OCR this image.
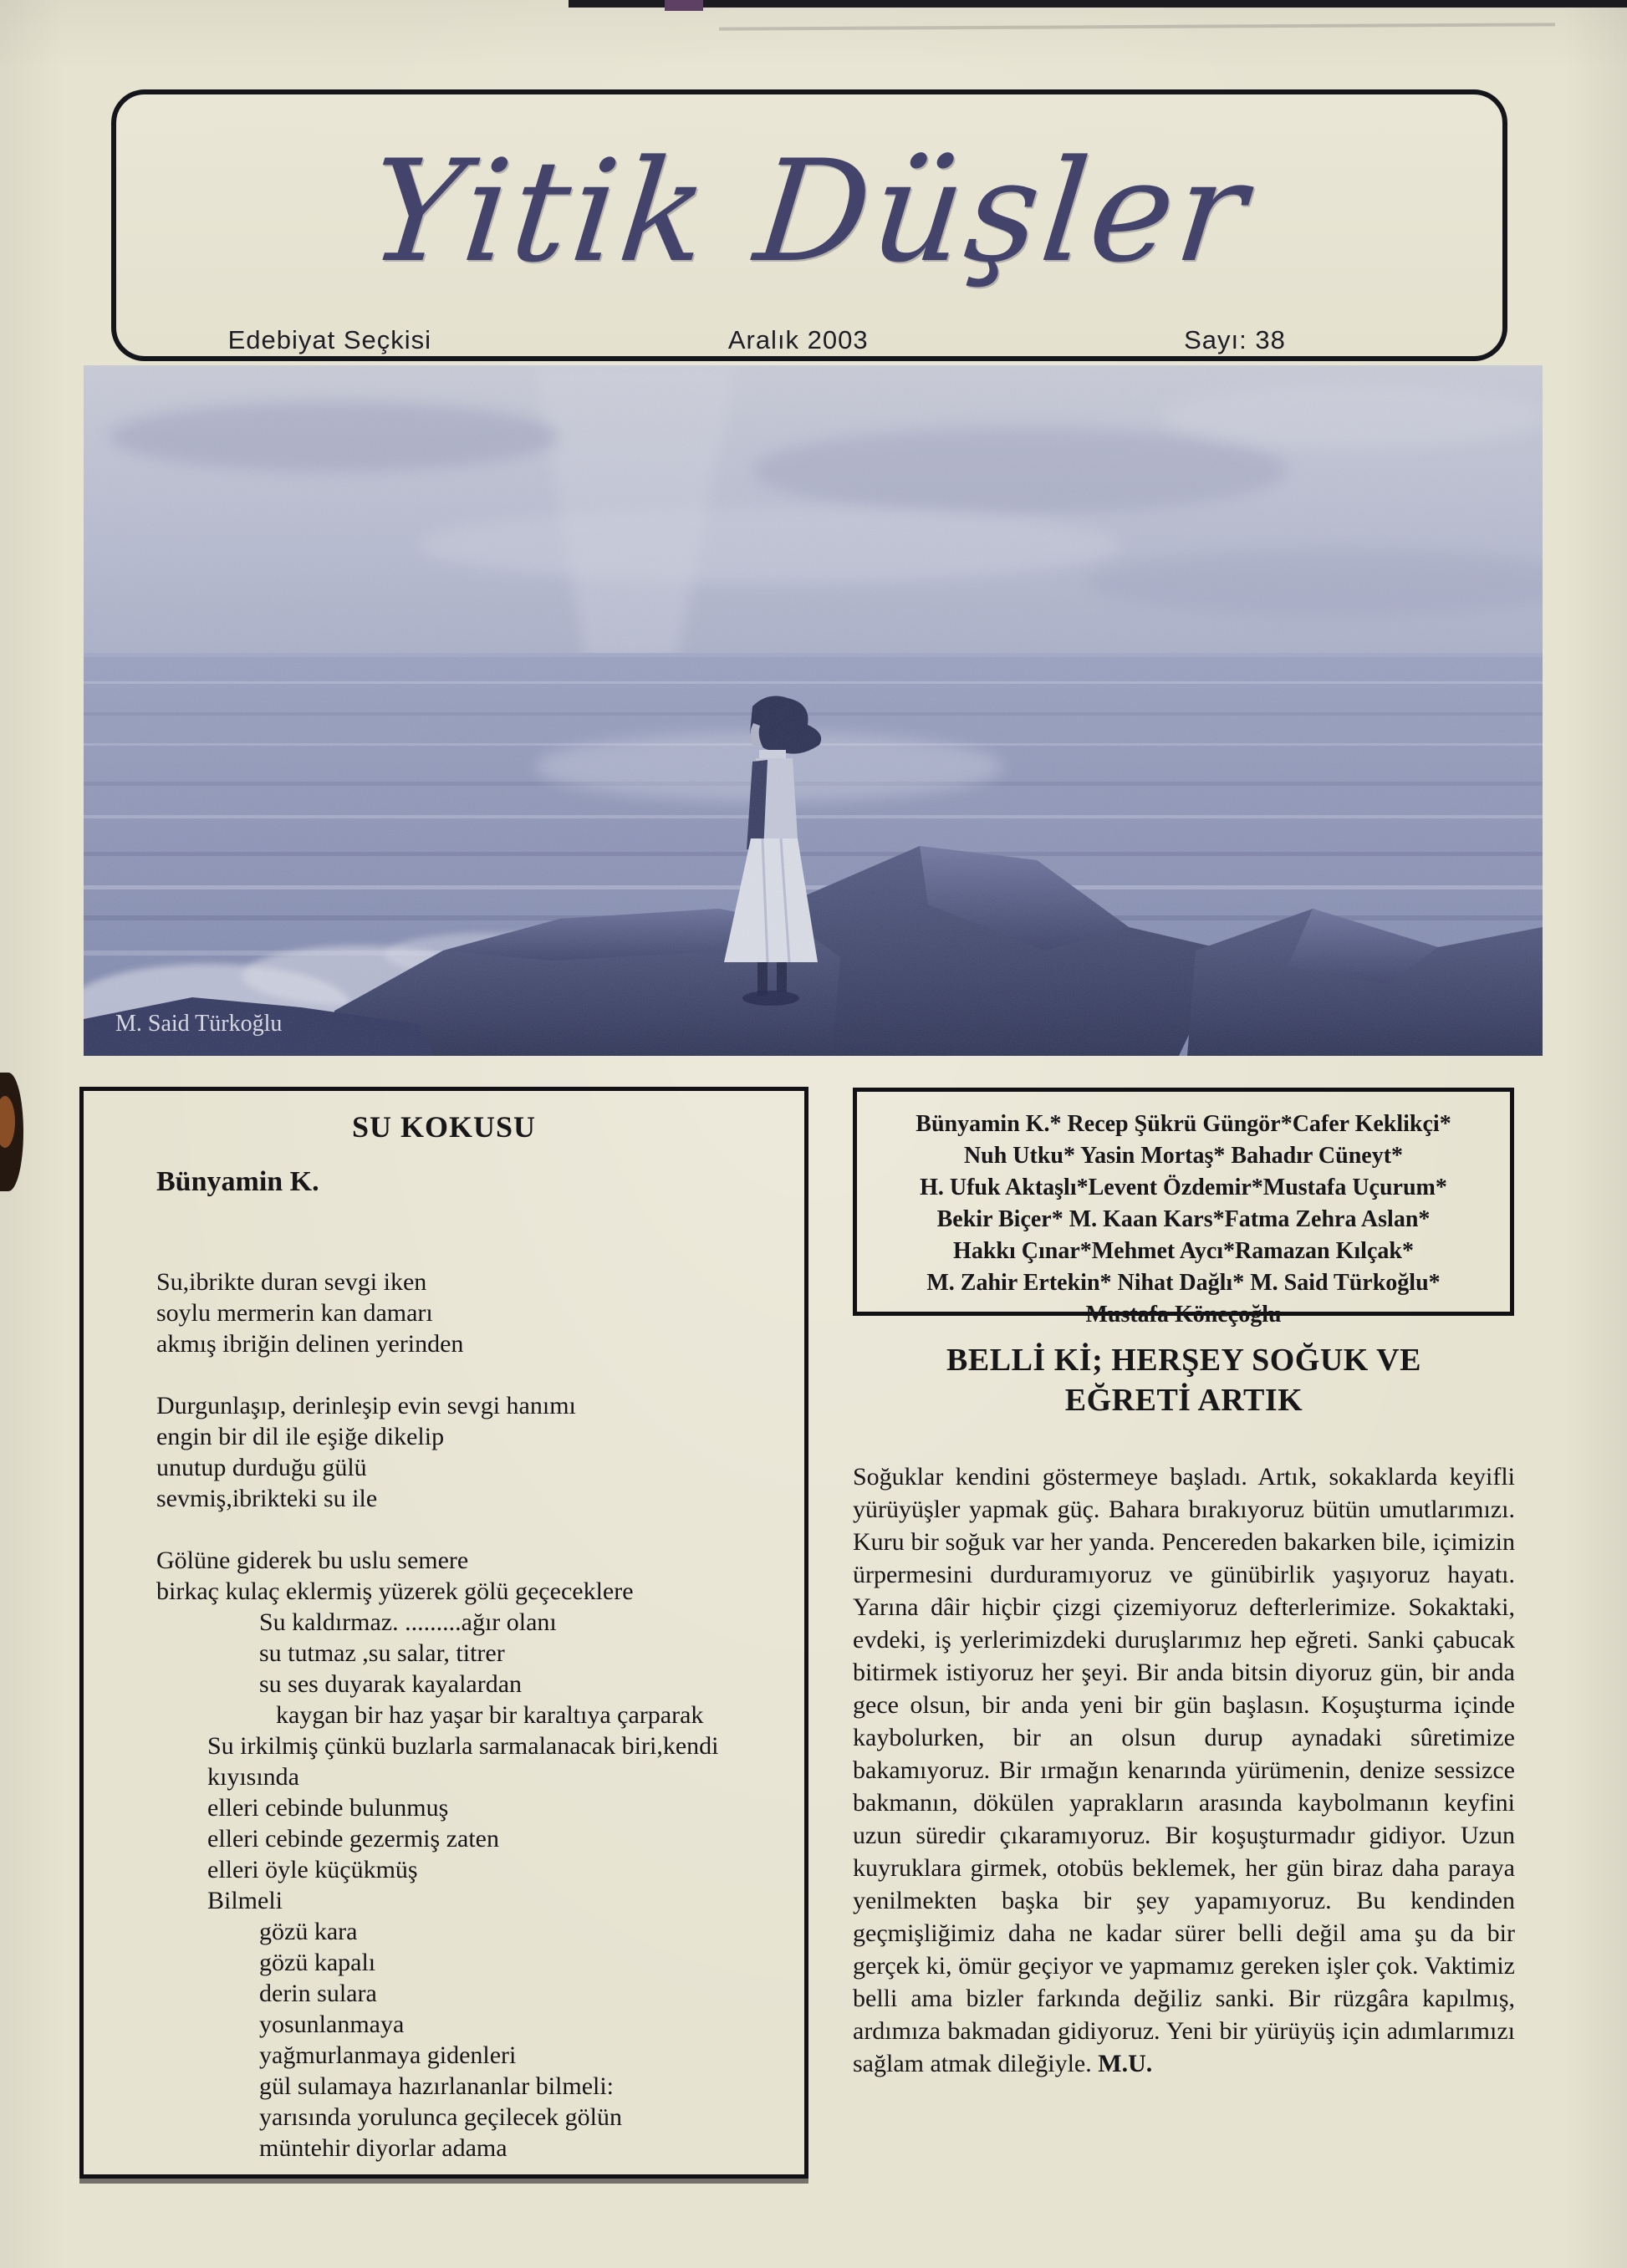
Yitik Düşler
Edebiyat Seçkisi	Aralık 2003	Sayı: 38
SU KOKUSU
Bünyamin K.
Su,ibrikte duran sevgi iken
soylu mermerin kan damarı
akmış ibriğin delinen yerinden
Durgunlaşıp, derinleşip evin sevgi hanımı
engin bir dil ile eşiğe dikelip
unutup durduğu gülü
sevmiş,ibrikteki su ile
Gölüne giderek bu uslu semere
birkaç kulaç eklermiş yüzerek gölü geçeceklere
Su kaldırmaz. .........ağır olanı
su tutmaz ,su salar, titrer
su ses duyarak kayalardan
kaygan bir haz yaşar bir karaltıya çarparak
Su irkilmiş çünkü buzlarla sarmalanacak biri,kendi
kıyısında
elleri cebinde bulunmuş
elleri cebinde gezermiş zaten
elleri öyle küçükmüş
Bilmeli
gözü kara
gözü kapalı
derin sulara
yosunlanmaya
yağmurlanmaya gidenleri
gül sulamaya hazırlananlar bilmeli:
yarısında yorulunca geçilecek gölün
müntehir diyorlar adama
Bünyamin K.* Recep Şükrü Güngör*Cafer Keklikçi*
Nuh Utku* Yasin Mortaş* Bahadır Cüneyt*
H. Ufuk Aktaşlı*Levent Özdemir*Mustafa Uçurum*
Bekir Biçer* M. Kaan Kars*Fatma Zehra Aslan*
Hakkı Çınar*Mehmet Aycı*Ramazan Kılçak*
M. Zahir Ertekin* Nihat Dağlı* M. Said Türkoğlu*
Mustafa Köneçoğlu
BELLİ Kİ; HERŞEY SOĞUK VE
EĞRETİ ARTIK

Soğuklar kendini göstermeye başladı. Artık, sokaklarda keyifli yürüyüşler yapmak güç. Bahara bırakıyoruz bütün umutlarımızı. Kuru bir soğuk var her yanda. Pencereden bakarken bile, içimizin ürpermesini durduramıyoruz ve günübirlik yaşıyoruz hayatı. Yarına dâir hiçbir çizgi çizemiyoruz defterlerimize. Sokaktaki, evdeki, iş yerlerimizdeki duruşlarımız hep eğreti. Sanki çabucak bitirmek istiyoruz her şeyi. Bir anda bitsin diyoruz gün, bir anda gece olsun, bir anda yeni bir gün başlasın. Koşuşturma içinde kaybolurken, bir an olsun durup aynadaki sûretimize bakamıyoruz. Bir ırmağın kenarında yürümenin, denize sessizce bakmanın, dökülen yaprakların arasında kaybolmanın keyfini uzun süredir çıkaramıyoruz. Bir koşuşturmadır gidiyor. Uzun kuyruklara girmek, otobüs beklemek, her gün biraz daha paraya yenilmekten başka bir şey yapamıyoruz. Bu kendinden geçmişliğimiz daha ne kadar sürer belli değil ama şu da bir gerçek ki, ömür geçiyor ve yapmamız gereken işler çok. Vaktimiz belli ama bizler farkında değiliz sanki. Bir rüzgâra kapılmış, ardımıza bakmadan gidiyoruz. Yeni bir yürüyüş için adımlarımızı sağlam atmak dileğiyle. M.U.
